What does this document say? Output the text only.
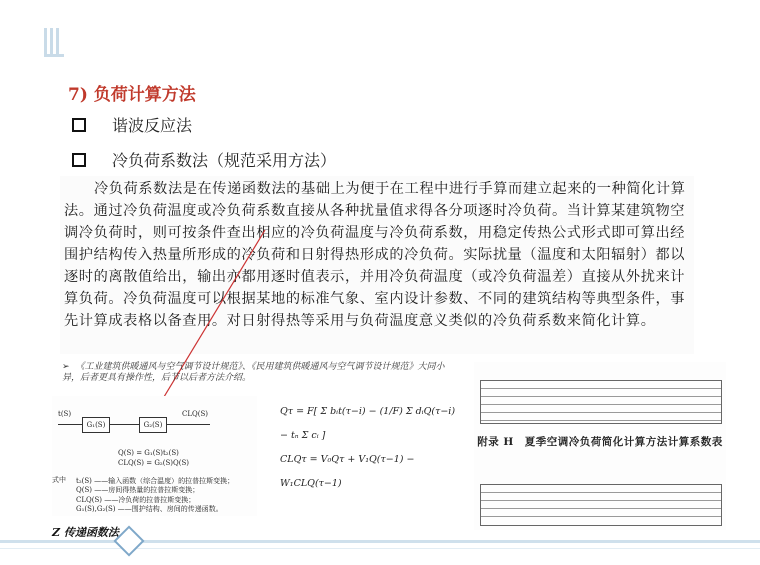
7) 负荷计算方法
谐波反应法
冷负荷系数法（规范采用方法）

冷负荷系数法是在传递函数法的基础上为便于在工程中进行手算而建立起来的一种简化计算法。通过冷负荷温度或冷负荷系数直接从各种扰量值求得各分项逐时冷负荷。当计算某建筑物空调冷负荷时，则可按条件查出相应的冷负荷温度与冷负荷系数，用稳定传热公式形式即可算出经围护结构传入热量所形成的冷负荷和日射得热形成的冷负荷。实际扰量（温度和太阳辐射）都以逐时的离散值给出，输出亦都用逐时值表示，并用冷负荷温度（或冷负荷温差）直接从外扰来计算负荷。冷负荷温度可以根据某地的标准气象、室内设计参数、不同的建筑结构等典型条件，事先计算成表格以备查用。对日射得热等采用与负荷温度意义类似的冷负荷系数来简化计算。

➢ 《工业建筑供暖通风与空气调节设计规范》、《民用建筑供暖通风与空气调节设计规范》大同小异，后者更具有操作性，后节以后者方法介绍。
t(S)
G₁(S)	G₂(S)
CLQ(S)
Q(S) = G₁(S)t₂(S)
CLQ(S) = G₂(S)Q(S)
式中 t₂(S) ——输入函数（综合温度）的拉普拉斯变换；
Q(S) ——房间得热量的拉普拉斯变换；
CLQ(S) ——冷负荷的拉普拉斯变换；
G₁(S),G₂(S) ——围护结构、房间的传递函数。
Z 传递函数法
Qτ = F[ Σ bᵢt(τ−i) − (1/F) Σ dᵢQ(τ−i) − tₙ Σ cᵢ ]
CLQτ = V₀Qτ + V₁Q(τ−1) − W₁CLQ(τ−1)
附录 H　夏季空调冷负荷简化计算方法计算系数表
